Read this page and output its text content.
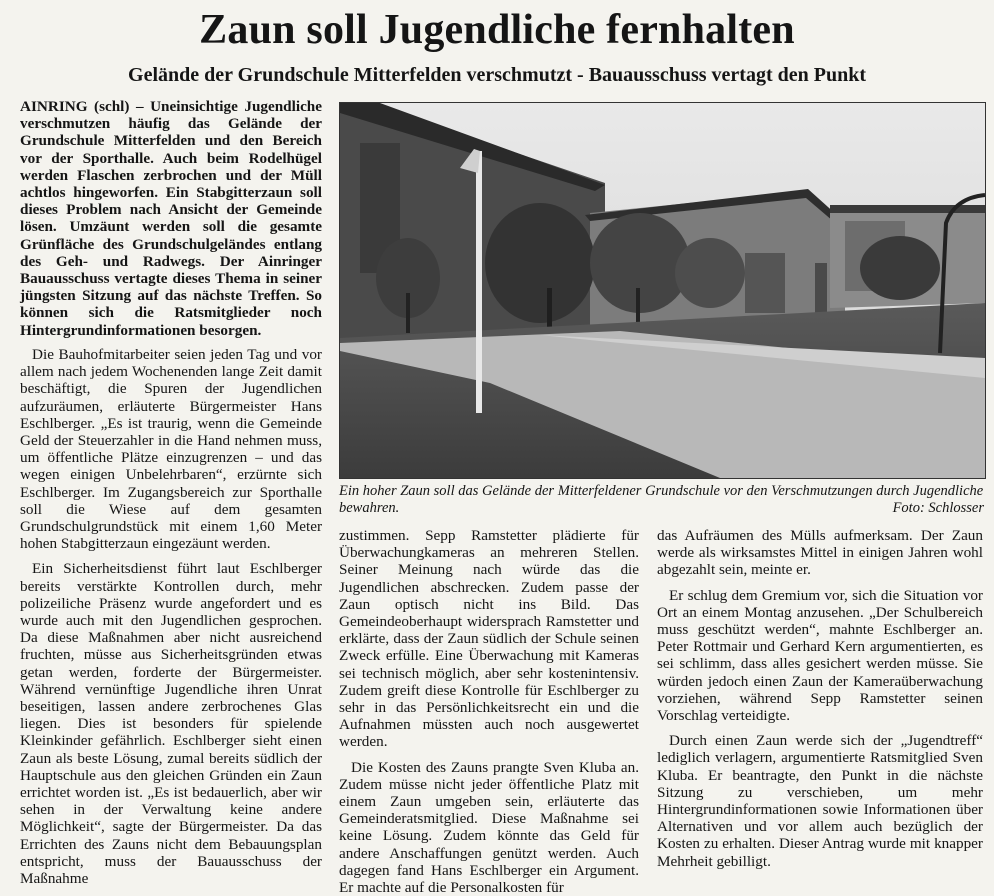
Zaun soll Jugendliche fernhalten
Gelände der Grundschule Mitterfelden verschmutzt - Bauausschuss vertagt den Punkt

AINRING (schl) – Uneinsichtige Jugendliche verschmutzen häufig das Gelände der Grundschule Mitterfelden und den Bereich vor der Sporthalle. Auch beim Rodelhügel werden Flaschen zerbrochen und der Müll achtlos hingeworfen. Ein Stabgitterzaun soll dieses Problem nach Ansicht der Gemeinde lösen. Umzäunt werden soll die gesamte Grünfläche des Grundschulgeländes entlang des Geh- und Radwegs. Der Ainringer Bauausschuss vertagte dieses Thema in seiner jüngsten Sitzung auf das nächste Treffen. So können sich die Ratsmitglieder noch Hintergrundinformationen besorgen.

Die Bauhofmitarbeiter seien jeden Tag und vor allem nach jedem Wochenenden lange Zeit damit beschäftigt, die Spuren der Jugendlichen aufzuräumen, erläuterte Bürgermeister Hans Eschlberger. „Es ist traurig, wenn die Gemeinde Geld der Steuerzahler in die Hand nehmen muss, um öffentliche Plätze einzugrenzen – und das wegen einigen Unbelehrbaren“, erzürnte sich Eschlberger. Im Zugangsbereich zur Sporthalle soll die Wiese auf dem gesamten Grundschulgrundstück mit einem 1,60 Meter hohen Stabgitterzaun eingezäunt werden.

Ein Sicherheitsdienst führt laut Eschlberger bereits verstärkte Kontrollen durch, mehr polizeiliche Präsenz wurde angefordert und es wurde auch mit den Jugendlichen gesprochen. Da diese Maßnahmen aber nicht ausreichend fruchten, müsse aus Sicherheitsgründen etwas getan werden, forderte der Bürgermeister. Während vernünftige Jugendliche ihren Unrat beseitigen, lassen andere zerbrochenes Glas liegen. Dies ist besonders für spielende Kleinkinder gefährlich. Eschlberger sieht einen Zaun als beste Lösung, zumal bereits südlich der Hauptschule aus den gleichen Gründen ein Zaun errichtet worden ist. „Es ist bedauerlich, aber wir sehen in der Verwaltung keine andere Möglichkeit“, sagte der Bürgermeister. Da das Errichten des Zauns nicht dem Bebauungsplan entspricht, muss der Bauausschuss der Maßnahme

Ein hoher Zaun soll das Gelände der Mitterfeldener Grundschule vor den Verschmutzungen durch Jugendliche bewahren.	Foto: Schlosser

zustimmen. Sepp Ramstetter plädierte für Überwachungkameras an mehreren Stellen. Seiner Meinung nach würde das die Jugendlichen abschrecken. Zudem passe der Zaun optisch nicht ins Bild. Das Gemeindeoberhaupt widersprach Ramstetter und erklärte, dass der Zaun südlich der Schule seinen Zweck erfülle. Eine Überwachung mit Kameras sei technisch möglich, aber sehr kostenintensiv. Zudem greift diese Kontrolle für Eschlberger zu sehr in das Persönlichkeitsrecht ein und die Aufnahmen müssten auch noch ausgewertet werden.

Die Kosten des Zauns prangte Sven Kluba an. Zudem müsse nicht jeder öffentliche Platz mit einem Zaun umgeben sein, erläuterte das Gemeinderatsmitglied. Diese Maßnahme sei keine Lösung. Zudem könnte das Geld für andere Anschaffungen genützt werden. Auch dagegen fand Hans Eschlberger ein Argument. Er machte auf die Personalkosten für

das Aufräumen des Mülls aufmerksam. Der Zaun werde als wirksamstes Mittel in einigen Jahren wohl abgezahlt sein, meinte er.

Er schlug dem Gremium vor, sich die Situation vor Ort an einem Montag anzusehen. „Der Schulbereich muss geschützt werden“, mahnte Eschlberger an. Peter Rottmair und Gerhard Kern argumentierten, es sei schlimm, dass alles gesichert werden müsse. Sie würden jedoch einen Zaun der Kameraüberwachung vorziehen, während Sepp Ramstetter seinen Vorschlag verteidigte.

Durch einen Zaun werde sich der „Jugendtreff“ lediglich verlagern, argumentierte Ratsmitglied Sven Kluba. Er beantragte, den Punkt in die nächste Sitzung zu verschieben, um mehr Hintergrundinformationen sowie Informationen über Alternativen und vor allem auch bezüglich der Kosten zu erhalten. Dieser Antrag wurde mit knapper Mehrheit gebilligt.
